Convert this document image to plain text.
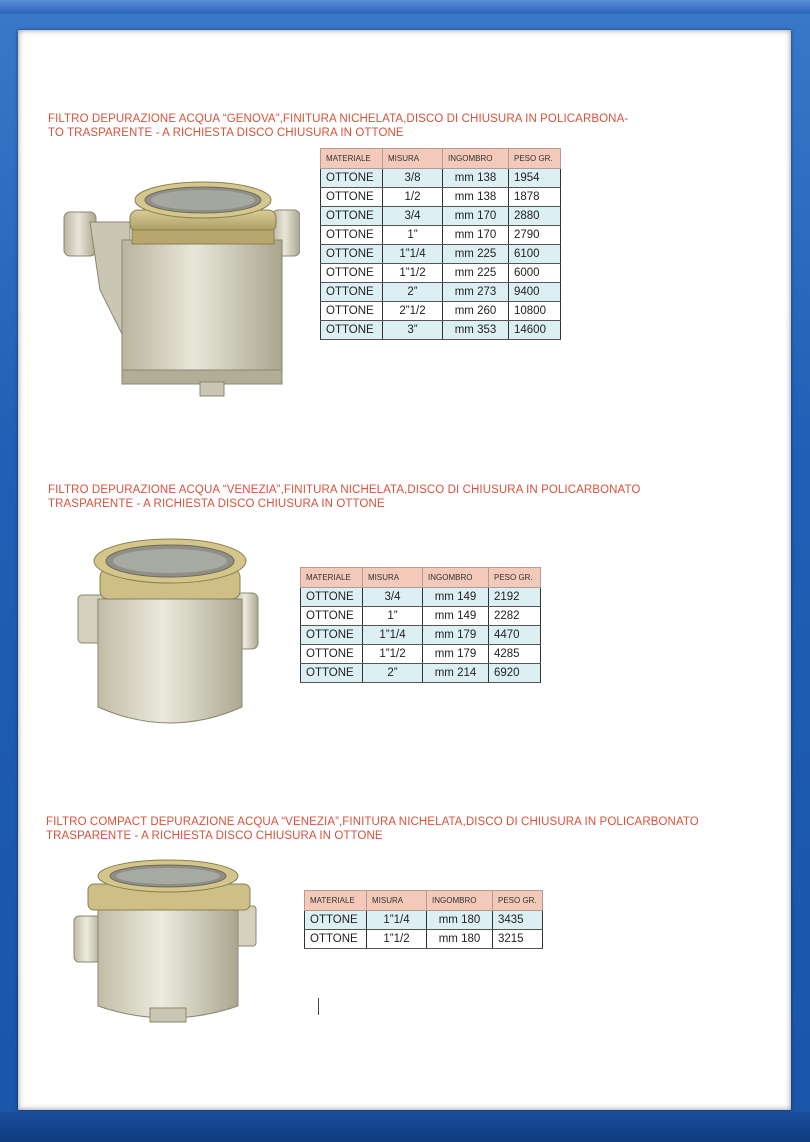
FILTRO DEPURAZIONE ACQUA “GENOVA”,FINITURA NICHELATA,DISCO DI CHIUSURA IN POLICARBONA-
TO TRASPARENTE - A RICHIESTA DISCO CHIUSURA IN OTTONE
MATERIALE	MISURA	INGOMBRO	PESO GR.
OTTONE	3/8	mm 138	1954
OTTONE	1/2	mm 138	1878
OTTONE	3/4	mm 170	2880
OTTONE	1”	mm 170	2790
OTTONE	1”1/4	mm 225	6100
OTTONE	1”1/2	mm 225	6000
OTTONE	2”	mm 273	9400
OTTONE	2”1/2	mm 260	10800
OTTONE	3”	mm 353	14600
FILTRO DEPURAZIONE ACQUA “VENEZIA”,FINITURA NICHELATA,DISCO DI CHIUSURA IN POLICARBONATO
TRASPARENTE - A RICHIESTA DISCO CHIUSURA IN OTTONE
MATERIALE	MISURA	INGOMBRO	PESO GR.
OTTONE	3/4	mm 149	2192
OTTONE	1”	mm 149	2282
OTTONE	1”1/4	mm 179	4470
OTTONE	1”1/2	mm 179	4285
OTTONE	2”	mm 214	6920
FILTRO COMPACT DEPURAZIONE ACQUA “VENEZIA”,FINITURA NICHELATA,DISCO DI CHIUSURA IN POLICARBONATO
TRASPARENTE - A RICHIESTA DISCO CHIUSURA IN OTTONE
MATERIALE	MISURA	INGOMBRO	PESO GR.
OTTONE	1”1/4	mm 180	3435
OTTONE	1”1/2	mm 180	3215
